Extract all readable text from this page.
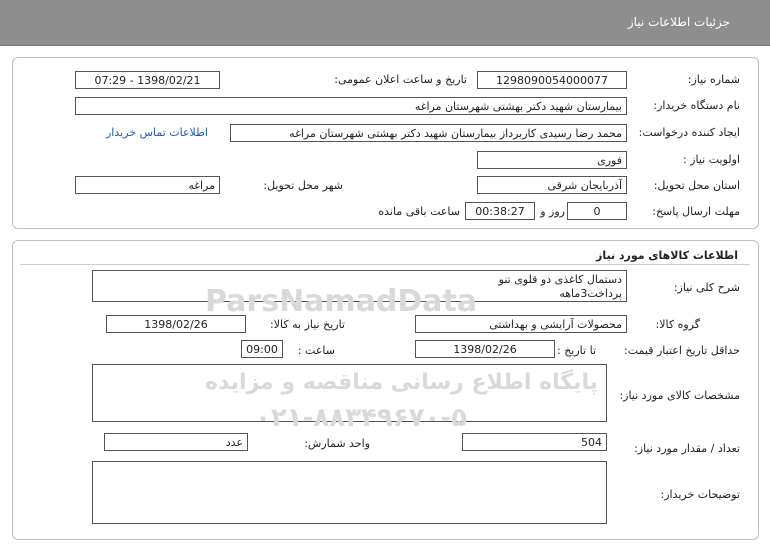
جزئیات اطلاعات نیاز
شماره نیاز:
1298090054000077
تاریخ و ساعت اعلان عمومی:
1398/02/21 - 07:29
نام دستگاه خریدار:
بیمارستان شهید دکتر بهشتی شهرستان مراغه
ایجاد کننده درخواست:
محمد رضا رسیدی کاربرداز بیمارستان شهید دکتر بهشتی شهرستان مراغه
اطلاعات تماس خریدار
اولویت نیاز :
فوری
استان محل تحویل:
آذربایجان شرقی
شهر محل تحویل:
مراغه
مهلت ارسال پاسخ:
0
روز و
00:38:27
ساعت باقی مانده
اطلاعات کالاهای مورد نیاز
شرح کلی نیاز:
دستمال کاغذی دو قلوی تنو
پرداخت3ماهه
گروه کالا:
محصولات آرایشی و بهداشتی
تاریخ نیاز به کالا:
1398/02/26
حداقل تاریخ اعتبار قیمت:
تا تاریخ :
1398/02/26
ساعت :
09:00
مشخصات کالای مورد نیاز:
تعداد / مقدار مورد نیاز:
504
واحد شمارش:
عدد
توضیحات خریدار:
ParsNamadData
پایگاه اطلاع رسانی مناقصه و مزایده
۰۲۱-۸۸۳۴۹۶۷۰-۵
